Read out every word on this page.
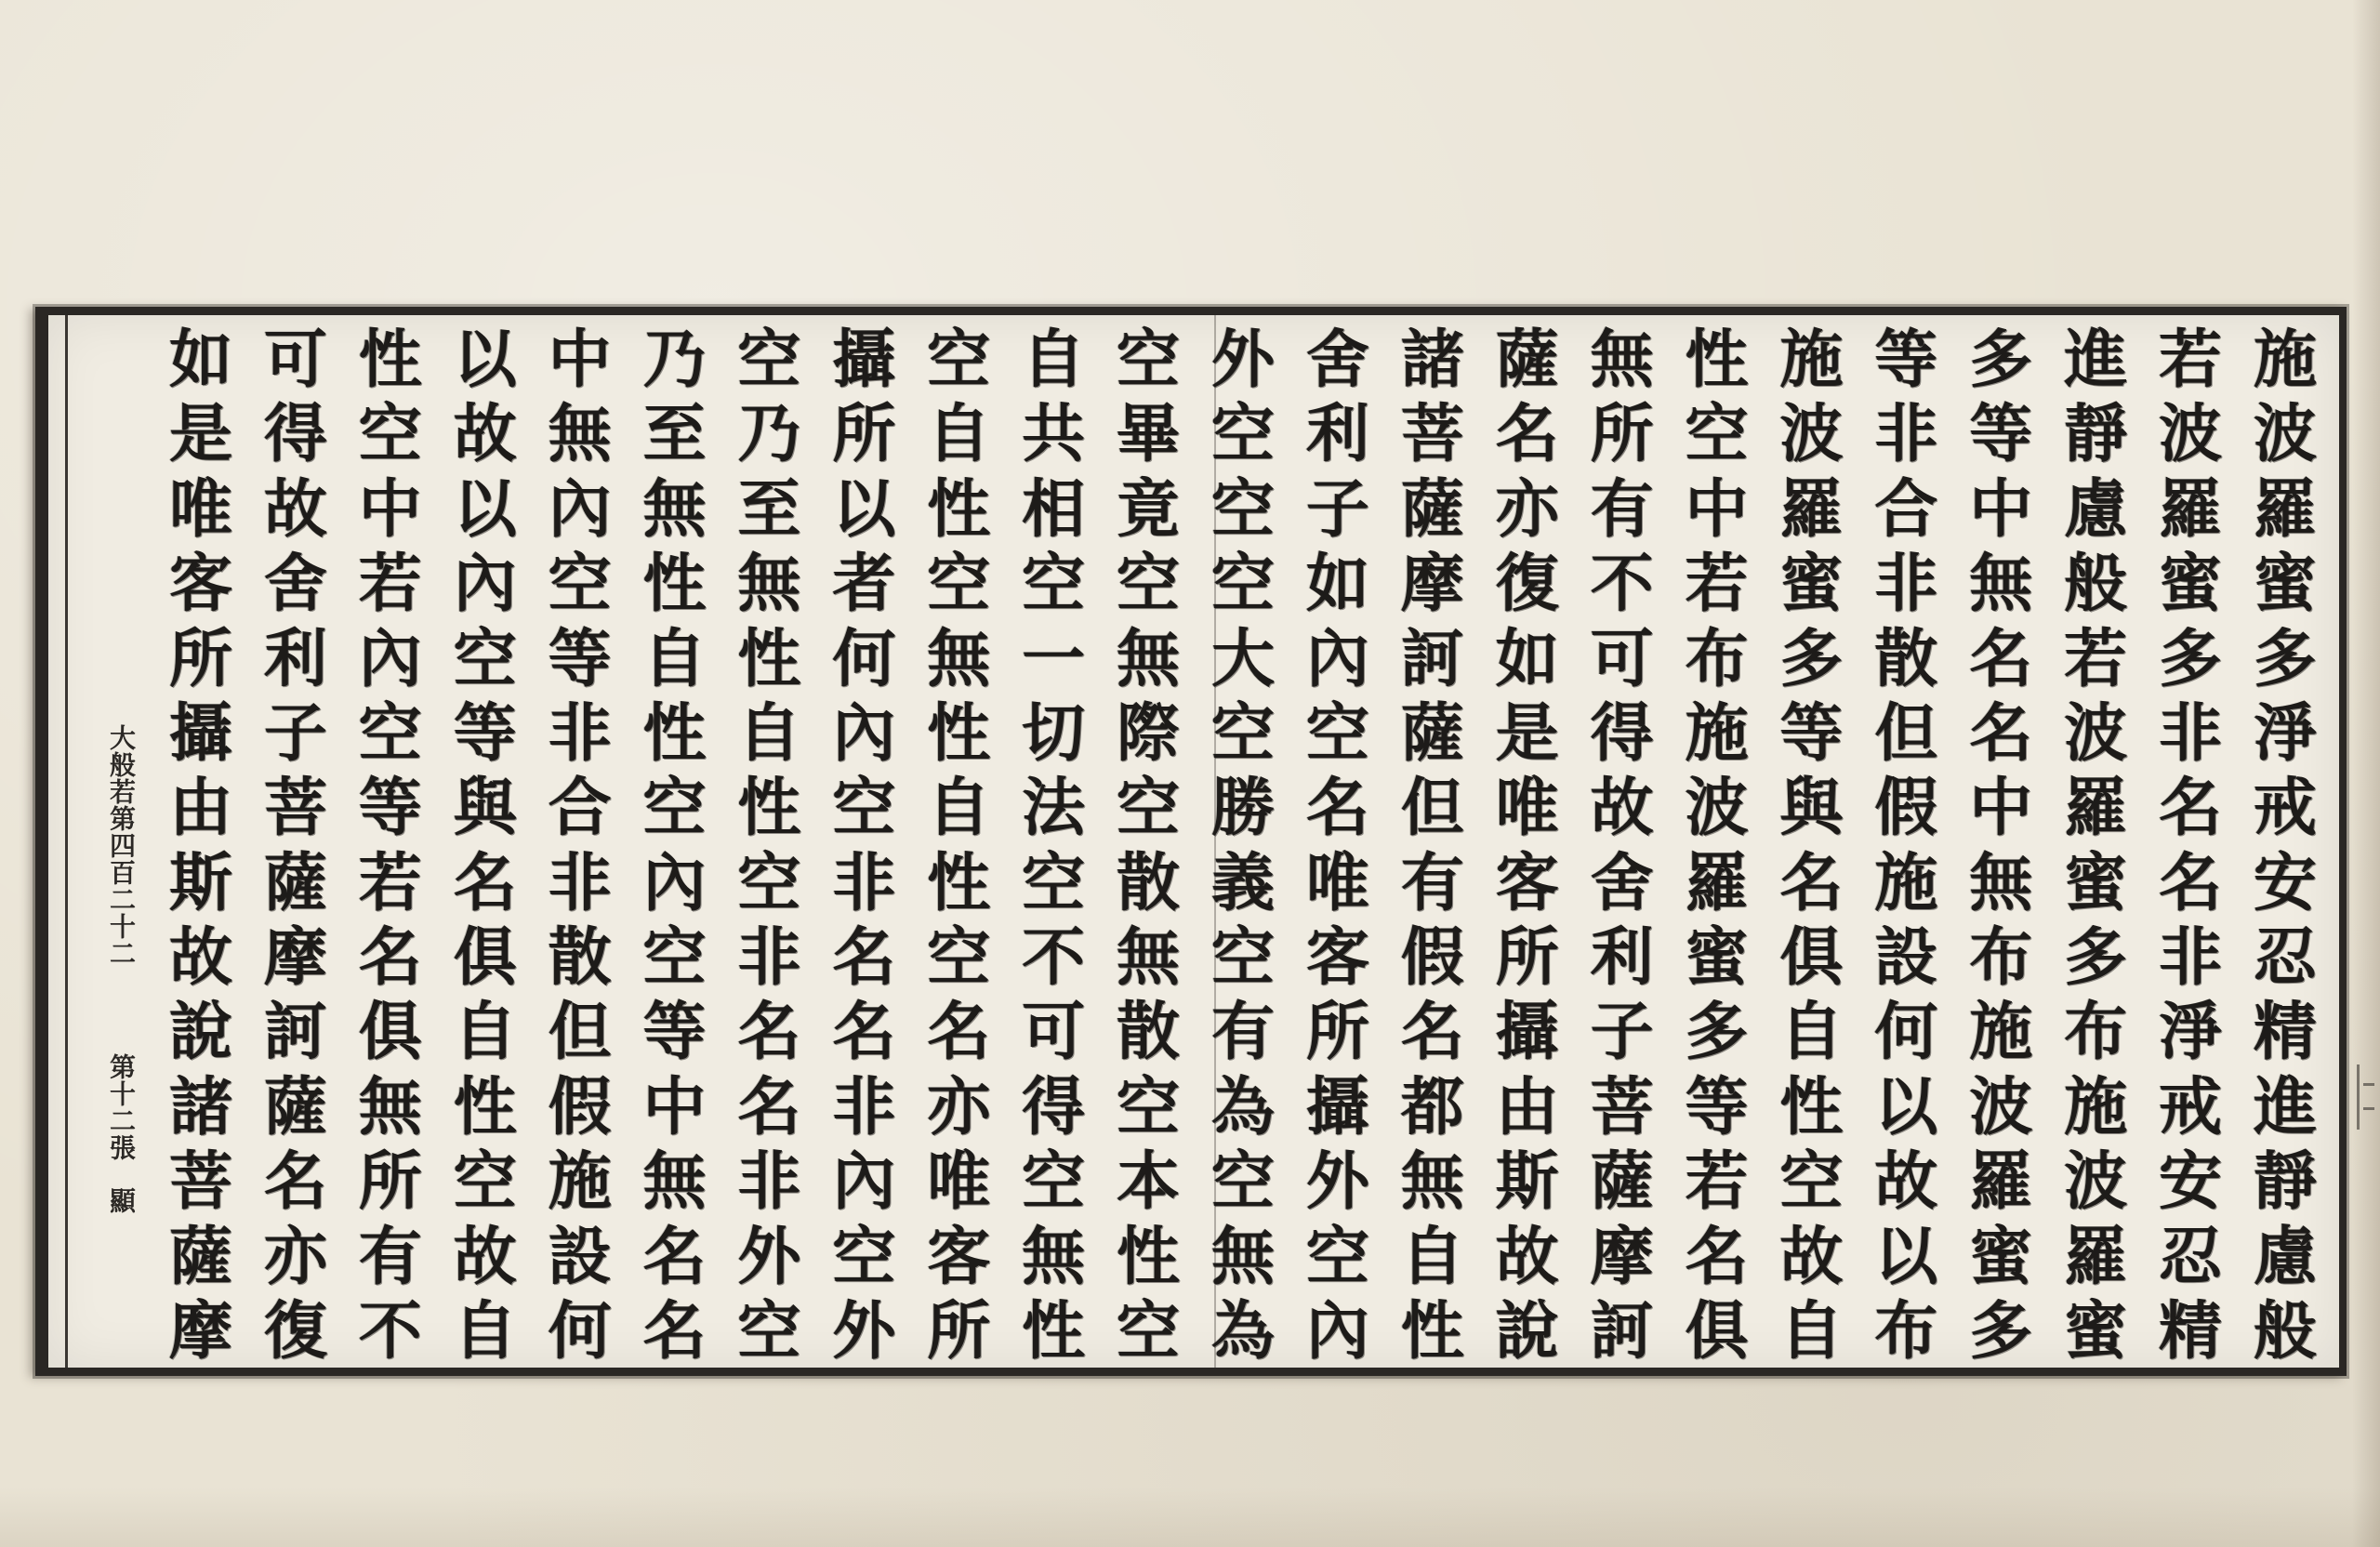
大般若第四百二十二
第十二張
顯
施
波
羅
蜜
多
淨
戒
安
忍
精
進
靜
慮
般
若
波
羅
蜜
多
非
名
名
非
淨
戒
安
忍
精
進
靜
慮
般
若
波
羅
蜜
多
布
施
波
羅
蜜
多
等
中
無
名
名
中
無
布
施
波
羅
蜜
多
等
非
合
非
散
但
假
施
設
何
以
故
以
布
施
波
羅
蜜
多
等
與
名
俱
自
性
空
故
自
性
空
中
若
布
施
波
羅
蜜
多
等
若
名
俱
無
所
有
不
可
得
故
舍
利
子
菩
薩
摩
訶
薩
名
亦
復
如
是
唯
客
所
攝
由
斯
故
說
諸
菩
薩
摩
訶
薩
但
有
假
名
都
無
自
性
舍
利
子
如
內
空
名
唯
客
所
攝
外
空
內
外
空
空
空
大
空
勝
義
空
有
為
空
無
為
空
畢
竟
空
無
際
空
散
無
散
空
本
性
空
自
共
相
空
一
切
法
空
不
可
得
空
無
性
空
自
性
空
無
性
自
性
空
名
亦
唯
客
所
攝
所
以
者
何
內
空
非
名
名
非
內
空
外
空
乃
至
無
性
自
性
空
非
名
名
非
外
空
乃
至
無
性
自
性
空
內
空
等
中
無
名
名
中
無
內
空
等
非
合
非
散
但
假
施
設
何
以
故
以
內
空
等
與
名
俱
自
性
空
故
自
性
空
中
若
內
空
等
若
名
俱
無
所
有
不
可
得
故
舍
利
子
菩
薩
摩
訶
薩
名
亦
復
如
是
唯
客
所
攝
由
斯
故
說
諸
菩
薩
摩
